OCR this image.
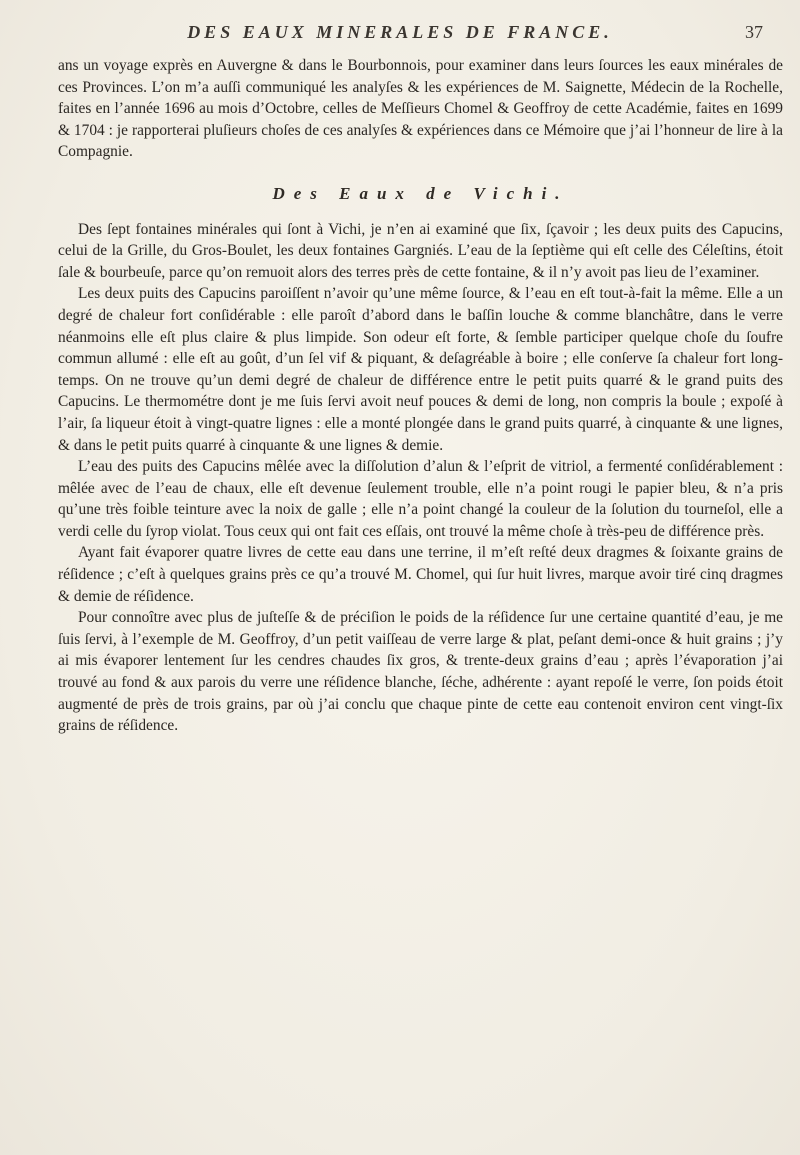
DES EAUX MINERALES DE FRANCE.	37

ans un voyage exprès en Auvergne & dans le Bourbonnois, pour examiner dans leurs ſources les eaux minérales de ces Provinces. L’on m’a auſſi communiqué les analyſes & les expériences de M. Saignette, Médecin de la Rochelle, faites en l’année 1696 au mois d’Octobre, celles de Meſſieurs Chomel & Geoffroy de cette Académie, faites en 1699 & 1704 : je rapporterai pluſieurs choſes de ces analyſes & expériences dans ce Mémoire que j’ai l’honneur de lire à la Compagnie.

Des Eaux de Vichi.

Des ſept fontaines minérales qui ſont à Vichi, je n’en ai examiné que ſix, ſçavoir ; les deux puits des Capucins, celui de la Grille, du Gros-Boulet, les deux fontaines Gargniés. L’eau de la ſeptième qui eſt celle des Céleſtins, étoit ſale & bourbeuſe, parce qu’on remuoit alors des terres près de cette fontaine, & il n’y avoit pas lieu de l’examiner.

Les deux puits des Capucins paroiſſent n’avoir qu’une même ſource, & l’eau en eſt tout-à-fait la même. Elle a un degré de chaleur fort conſidérable : elle paroît d’abord dans le baſſin louche & comme blanchâtre, dans le verre néanmoins elle eſt plus claire & plus limpide. Son odeur eſt forte, & ſemble participer quelque choſe du ſoufre commun allumé : elle eſt au goût, d’un ſel vif & piquant, & deſagréable à boire ; elle conſerve ſa chaleur fort long-temps. On ne trouve qu’un demi degré de chaleur de différence entre le petit puits quarré & le grand puits des Capucins. Le thermométre dont je me ſuis ſervi avoit neuf pouces & demi de long, non compris la boule ; expoſé à l’air, ſa liqueur étoit à vingt-quatre lignes : elle a monté plongée dans le grand puits quarré, à cinquante & une lignes, & dans le petit puits quarré à cinquante & une lignes & demie.

L’eau des puits des Capucins mêlée avec la diſſolution d’alun & l’eſprit de vitriol, a fermenté conſidérablement : mêlée avec de l’eau de chaux, elle eſt devenue ſeulement trouble, elle n’a point rougi le papier bleu, & n’a pris qu’une très foible teinture avec la noix de galle ; elle n’a point changé la couleur de la ſolution du tourneſol, elle a verdi celle du ſyrop violat. Tous ceux qui ont fait ces eſſais, ont trouvé la même choſe à très-peu de différence près.

Ayant fait évaporer quatre livres de cette eau dans une terrine, il m’eſt reſté deux dragmes & ſoixante grains de réſidence ; c’eſt à quelques grains près ce qu’a trouvé M. Chomel, qui ſur huit livres, marque avoir tiré cinq dragmes & demie de réſidence.

Pour connoître avec plus de juſteſſe & de préciſion le poids de la réſidence ſur une certaine quantité d’eau, je me ſuis ſervi, à l’exemple de M. Geoffroy, d’un petit vaiſſeau de verre large & plat, peſant demi-once & huit grains ; j’y ai mis évaporer lentement ſur les cendres chaudes ſix gros, & trente-deux grains d’eau ; après l’évaporation j’ai trouvé au fond & aux parois du verre une réſidence blanche, ſéche, adhérente : ayant repoſé le verre, ſon poids étoit augmenté de près de trois grains, par où j’ai conclu que chaque pinte de cette eau contenoit environ cent vingt-ſix grains de réſidence.
